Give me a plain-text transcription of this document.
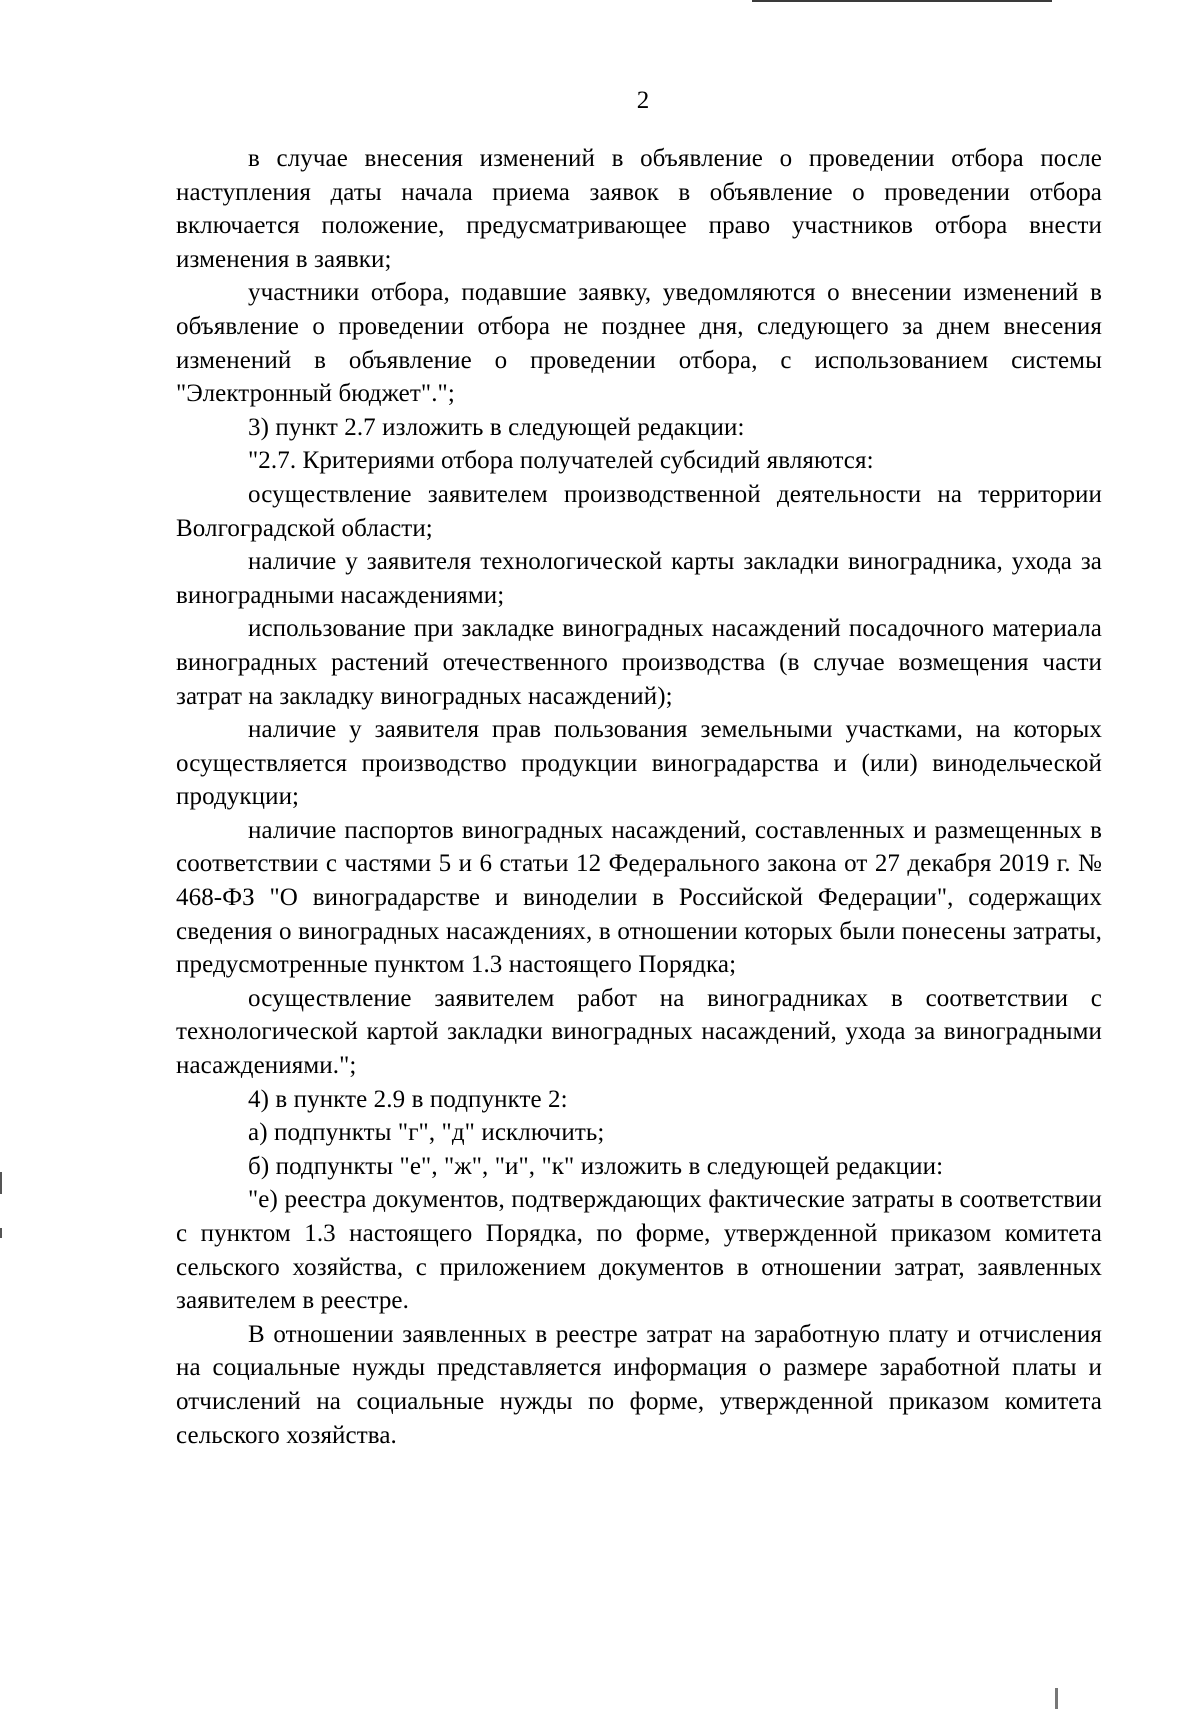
2

в случае внесения изменений в объявление о проведении отбора после наступления даты начала приема заявок в объявление о проведении отбора включается положение, предусматривающее право участников отбора внести изменения в заявки;

участники отбора, подавшие заявку, уведомляются о внесении изменений в объявление о проведении отбора не позднее дня, следующего за днем внесения изменений в объявление о проведении отбора, с использованием системы "Электронный бюджет".";

3) пункт 2.7 изложить в следующей редакции:

"2.7. Критериями отбора получателей субсидий являются:

осуществление заявителем производственной деятельности на территории Волгоградской области;

наличие у заявителя технологической карты закладки виноградника, ухода за виноградными насаждениями;

использование при закладке виноградных насаждений посадочного материала виноградных растений отечественного производства (в случае возмещения части затрат на закладку виноградных насаждений);

наличие у заявителя прав пользования земельными участками, на которых осуществляется производство продукции виноградарства и (или) винодельческой продукции;

наличие паспортов виноградных насаждений, составленных и размещенных в соответствии с частями 5 и 6 статьи 12 Федерального закона от 27 декабря 2019 г. № 468-ФЗ "О виноградарстве и виноделии в Российской Федерации", содержащих сведения о виноградных насаждениях, в отношении которых были понесены затраты, предусмотренные пунктом 1.3 настоящего Порядка;

осуществление заявителем работ на виноградниках в соответствии с технологической картой закладки виноградных насаждений, ухода за виноградными насаждениями.";

4) в пункте 2.9 в подпункте 2:

а) подпункты "г", "д" исключить;

б) подпункты "е", "ж", "и", "к" изложить в следующей редакции:

"е) реестра документов, подтверждающих фактические затраты в соответствии с пунктом 1.3 настоящего Порядка, по форме, утвержденной приказом комитета сельского хозяйства, с приложением документов в отношении затрат, заявленных заявителем в реестре.

В отношении заявленных в реестре затрат на заработную плату и отчисления на социальные нужды представляется информация о размере заработной платы и отчислений на социальные нужды по форме, утвержденной приказом комитета сельского хозяйства.
